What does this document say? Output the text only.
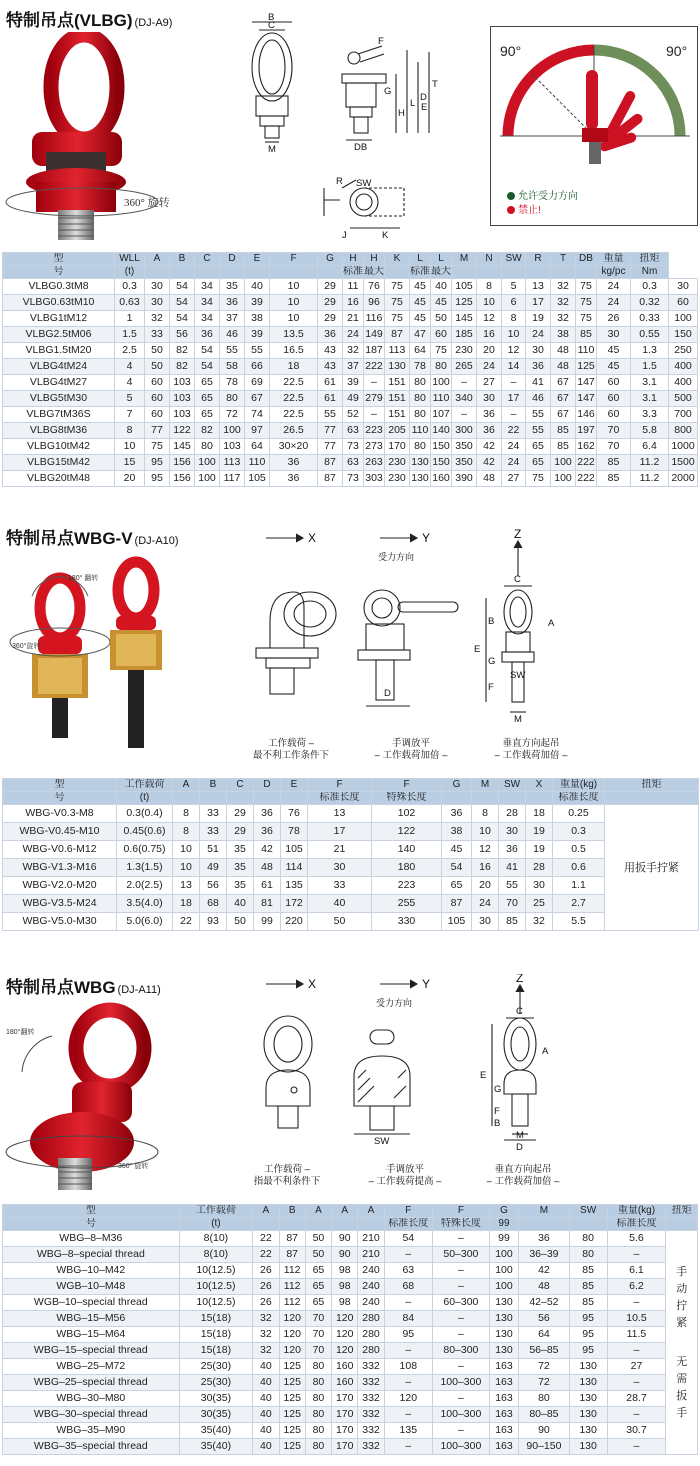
特制吊点(VLBG) (DJ-A9)
360° 旋转
B
C
F
T
E
L
G
H
D
M	DB
SW
R
J	K
90°	90°
允许受力方向
禁止!
型	WLL	A	B	C	D	E	F	G	H	H	K	L	L	M	N	SW	R	T	DB	重量	扭矩	
号	(t)								标准	最大		标准	最大							kg/pc	Nm	
VLBG0.3tM8	0.3	30	54	34	35	40	10	29	11	76	75	45	40	105	8	5	13	32	75	24	0.3	30
VLBG0.63tM10	0.63	30	54	34	36	39	10	29	16	96	75	45	45	125	10	6	17	32	75	24	0.32	60
VLBG1tM12	1	32	54	34	37	38	10	29	21	116	75	45	50	145	12	8	19	32	75	26	0.33	100
VLBG2.5tM06	1.5	33	56	36	46	39	13.5	36	24	149	87	47	60	185	16	10	24	38	85	30	0.55	150
VLBG1.5tM20	2.5	50	82	54	55	55	16.5	43	32	187	113	64	75	230	20	12	30	48	110	45	1.3	250
VLBG4tM24	4	50	82	54	58	66	18	43	37	222	130	78	80	265	24	14	36	48	125	45	1.5	400
VLBG4tM27	4	60	103	65	78	69	22.5	61	39	–	151	80	100	–	27	–	41	67	147	60	3.1	400
VLBG5tM30	5	60	103	65	80	67	22.5	61	49	279	151	80	110	340	30	17	46	67	147	60	3.1	500
VLBG7tM36S	7	60	103	65	72	74	22.5	55	52	–	151	80	107	–	36	–	55	67	146	60	3.3	700
VLBG8tM36	8	77	122	82	100	97	26.5	77	63	223	205	110	140	300	36	22	55	85	197	70	5.8	800
VLBG10tM42	10	75	145	80	103	64	30×20	77	73	273	170	80	150	350	42	24	65	85	162	70	6.4	1000
VLBG15tM42	15	95	156	100	113	110	36	87	63	263	230	130	150	350	42	24	65	100	222	85	11.2	1500
VLBG20tM48	20	95	156	100	117	105	36	87	73	303	230	130	160	390	48	27	75	100	222	85	11.2	2000
特制吊点WBG-V (DJ-A10)
180° 翻转
360°旋转
D
C
A
B
G
F
E
SW
M
X	Y	Z
受力方向
工作载荷 –
最不利工作条件下
手调放平
– 工作载荷加倍 –
垂直方向起吊
– 工作载荷加倍 –
型	工作载荷	A	B	C	D	E	F	F	G	M	SW	X	重量(kg)	扭矩
号	(t)						标准长度	特殊长度					标准长度	
WBG-V0.3-M8	0.3(0.4)	8	33	29	36	76	13	102	36	8	28	18	0.25	用扳手拧紧

WBG-V0.45-M10	0.45(0.6)	8	33	29	36	78	17	122	38	10	30	19	0.3	
WBG-V0.6-M12	0.6(0.75)	10	51	35	42	105	21	140	45	12	36	19	0.5	
WBG-V1.3-M16	1.3(1.5)	10	49	35	48	114	30	180	54	16	41	28	0.6	
WBG-V2.0-M20	2.0(2.5)	13	56	35	61	135	33	223	65	20	55	30	1.1	
WBG-V3.5-M24	3.5(4.0)	18	68	40	81	172	40	255	87	24	70	25	2.7	
WBG-V5.0-M30	5.0(6.0)	22	93	50	99	220	50	330	105	30	85	32	5.5	
特制吊点WBG (DJ-A11)
180°翻转
360° 旋转
SW
C
A
E
G
F
B
M
D
X	Y	Z
受力方向
工作载荷 –
指最不利条件下
手调放平
– 工作载荷提高 –
垂直方向起吊
– 工作载荷加倍 –
型	工作载荷	A	B	A	A	A	F	F	G	M	SW	重量(kg)	扭矩
号	(t)						标准长度	特殊长度	99			标准长度	
WBG–8–M36	8(10)	22	87	50	90	210	54	–	99	36	80	5.6	手动拧紧
无需扳手

WBG–8–special thread	8(10)	22	87	50	90	210	–	50–300	100	36–39	80	–	
WBG–10–M42	10(12.5)	26	112	65	98	240	63	–	100	42	85	6.1	
WGB–10–M48	10(12.5)	26	112	65	98	240	68	–	100	48	85	6.2	
WGB–10–special thread	10(12.5)	26	112	65	98	240	–	60–300	130	42–52	85	–	
WBG–15–M56	15(18)	32	120	70	120	280	84	–	130	56	95	10.5	
WBG–15–M64	15(18)	32	120	70	120	280	95	–	130	64	95	11.5	
WBG–15–special thread	15(18)	32	120	70	120	280	–	80–300	130	56–85	95	–	
WBG–25–M72	25(30)	40	125	80	160	332	108	–	163	72	130	27	
WBG–25–special thread	25(30)	40	125	80	160	332	–	100–300	163	72	130	–	
WBG–30–M80	30(35)	40	125	80	170	332	120	–	163	80	130	28.7	
WBG–30–special thread	30(35)	40	125	80	170	332	–	100–300	163	80–85	130	–	
WBG–35–M90	35(40)	40	125	80	170	332	135	–	163	90	130	30.7	
WBG–35–special thread	35(40)	40	125	80	170	332	–	100–300	163	90–150	130	–	
